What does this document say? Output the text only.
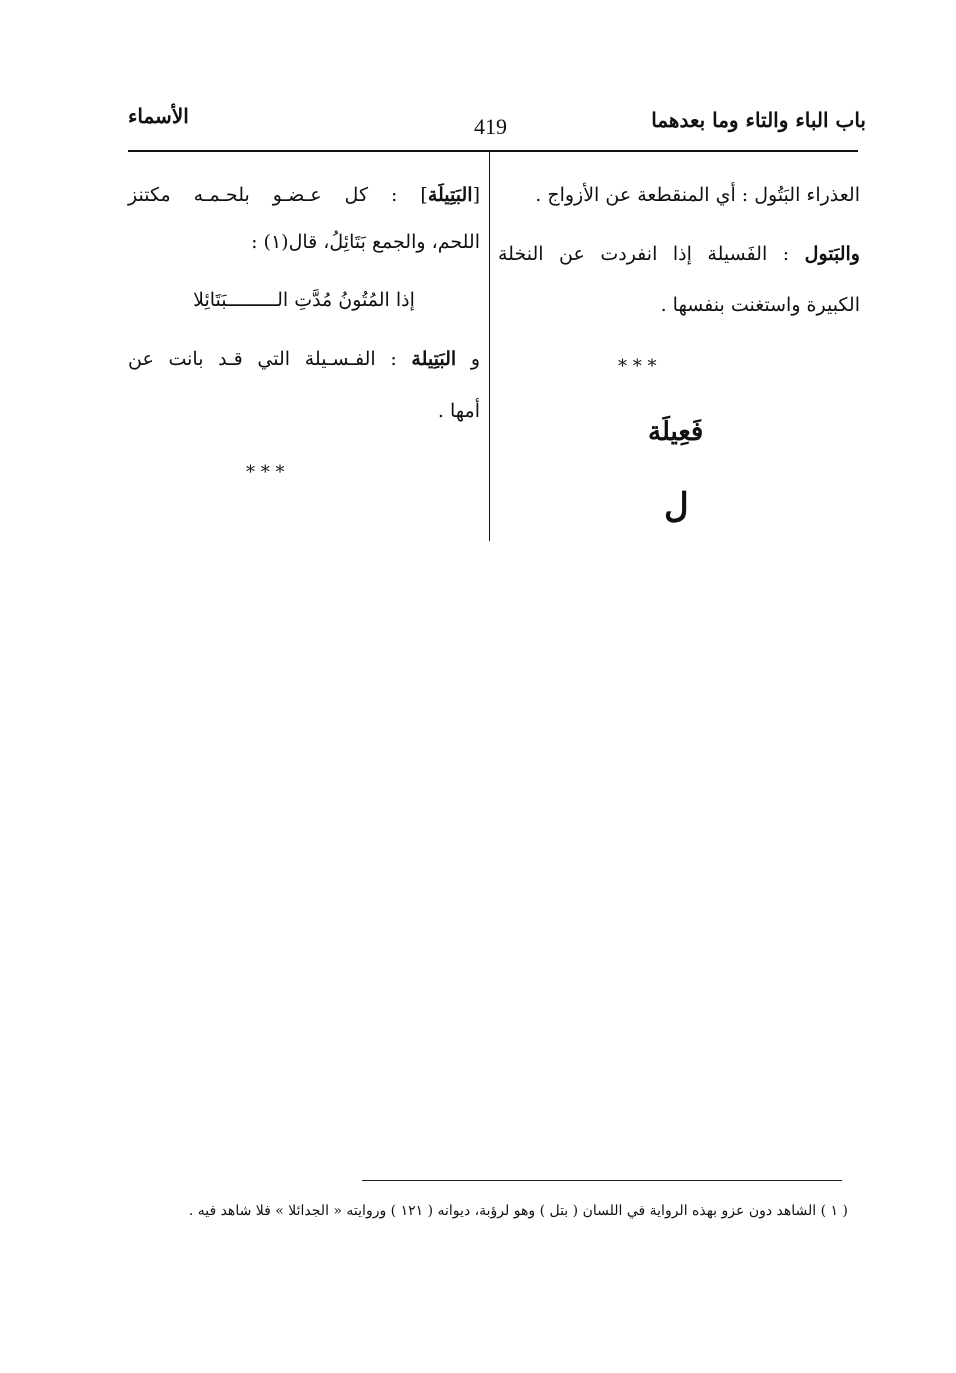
باب الباء والتاء وما بعدهما
419
الأسماء
العذراء البَتُول : أي المنقطعة عن الأزواج .
والبَتول : الفَسيلة إذا انفردت عن النخلة
الكبيرة واستغنت بنفسها .
* * *
فَعِيلَة
ل
[البَتِيلَة] : كل عـضـو بلحـمـه مكتنز
اللحم، والجمع بَتَائِلُ، قال(١) :
إذا المُتُونُ مُدَّتِ الـــــــــبَتَائِلا
و البَتِيلة : الفـسـيلة التي قـد بانت عن
أمها .
* * *
( ١ ) الشاهد دون عزو بهذه الرواية في اللسان ( بتل ) وهو لرؤبة، ديوانه ( ١٢١ ) وروايته « الجدائلا » فلا شاهد فيه .
